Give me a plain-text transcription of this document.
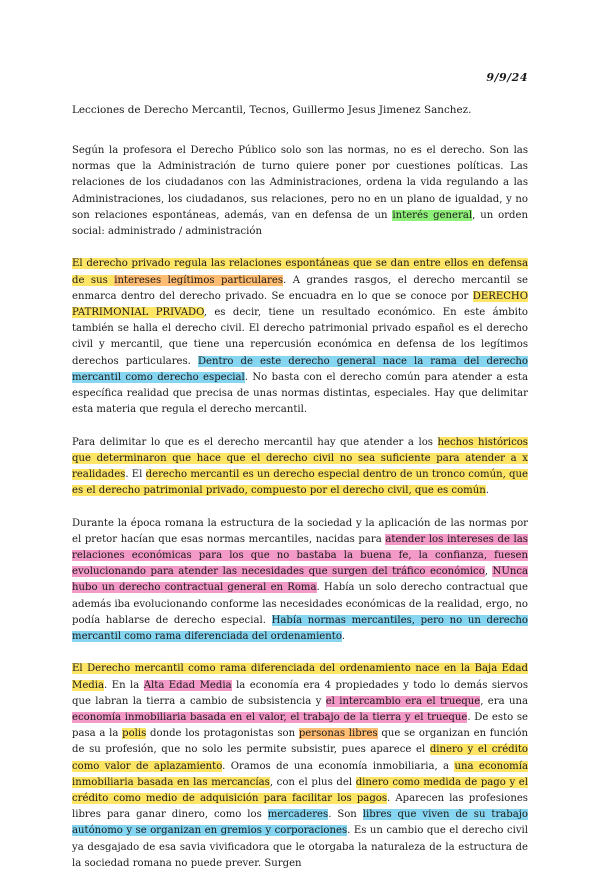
9/9/24
Lecciones de Derecho Mercantil, Tecnos, Guillermo Jesus Jimenez Sanchez.

Según la profesora el Derecho Público solo son las normas, no es el derecho. Son las normas que la Administración de turno quiere poner por cuestiones políticas. Las relaciones de los ciudadanos con las Administraciones, ordena la vida regulando a las Administraciones, los ciudadanos, sus relaciones, pero no en un plano de igualdad, y no son relaciones espontáneas, además, van en defensa de un interés general, un orden social: administrado / administración

El derecho privado regula las relaciones espontáneas que se dan entre ellos en defensa de sus intereses legítimos particulares. A grandes rasgos, el derecho mercantil se enmarca dentro del derecho privado. Se encuadra en lo que se conoce por DERECHO PATRIMONIAL PRIVADO, es decir, tiene un resultado económico. En este ámbito también se halla el derecho civil. El derecho patrimonial privado español es el derecho civil y mercantil, que tiene una repercusión económica en defensa de los legítimos derechos particulares. Dentro de este derecho general nace la rama del derecho mercantil como derecho especial. No basta con el derecho común para atender a esta específica realidad que precisa de unas normas distintas, especiales. Hay que delimitar esta materia que regula el derecho mercantil.

Para delimitar lo que es el derecho mercantil hay que atender a los hechos históricos que determinaron que hace que el derecho civil no sea suficiente para atender a x realidades. El derecho mercantil es un derecho especial dentro de un tronco común, que es el derecho patrimonial privado, compuesto por el derecho civil, que es común.

Durante la época romana la estructura de la sociedad y la aplicación de las normas por el pretor hacían que esas normas mercantiles, nacidas para atender los intereses de las relaciones económicas para los que no bastaba la buena fe, la confianza, fuesen evolucionando para atender las necesidades que surgen del tráfico económico, NUnca hubo un derecho contractual general en Roma. Había un solo derecho contractual que además iba evolucionando conforme las necesidades económicas de la realidad, ergo, no podía hablarse de derecho especial. Había normas mercantiles, pero no un derecho mercantil como rama diferenciada del ordenamiento.

El Derecho mercantil como rama diferenciada del ordenamiento nace en la Baja Edad Media. En la Alta Edad Media la economía era 4 propiedades y todo lo demás siervos que labran la tierra a cambio de subsistencia y el intercambio era el trueque, era una economía inmobiliaria basada en el valor, el trabajo de la tierra y el trueque. De esto se pasa a la polis donde los protagonistas son personas libres que se organizan en función de su profesión, que no solo les permite subsistir, pues aparece el dinero y el crédito como valor de aplazamiento. Oramos de una economía inmobiliaria, a una economía inmobiliaria basada en las mercancías, con el plus del dinero como medida de pago y el crédito como medio de adquisición para facilitar los pagos. Aparecen las profesiones libres para ganar dinero, como los mercaderes. Son libres que viven de su trabajo autónomo y se organizan en gremios y corporaciones. Es un cambio que el derecho civil ya desgajado de esa savia vivificadora que le otorgaba la naturaleza de la estructura de la sociedad romana no puede prever. Surgen
